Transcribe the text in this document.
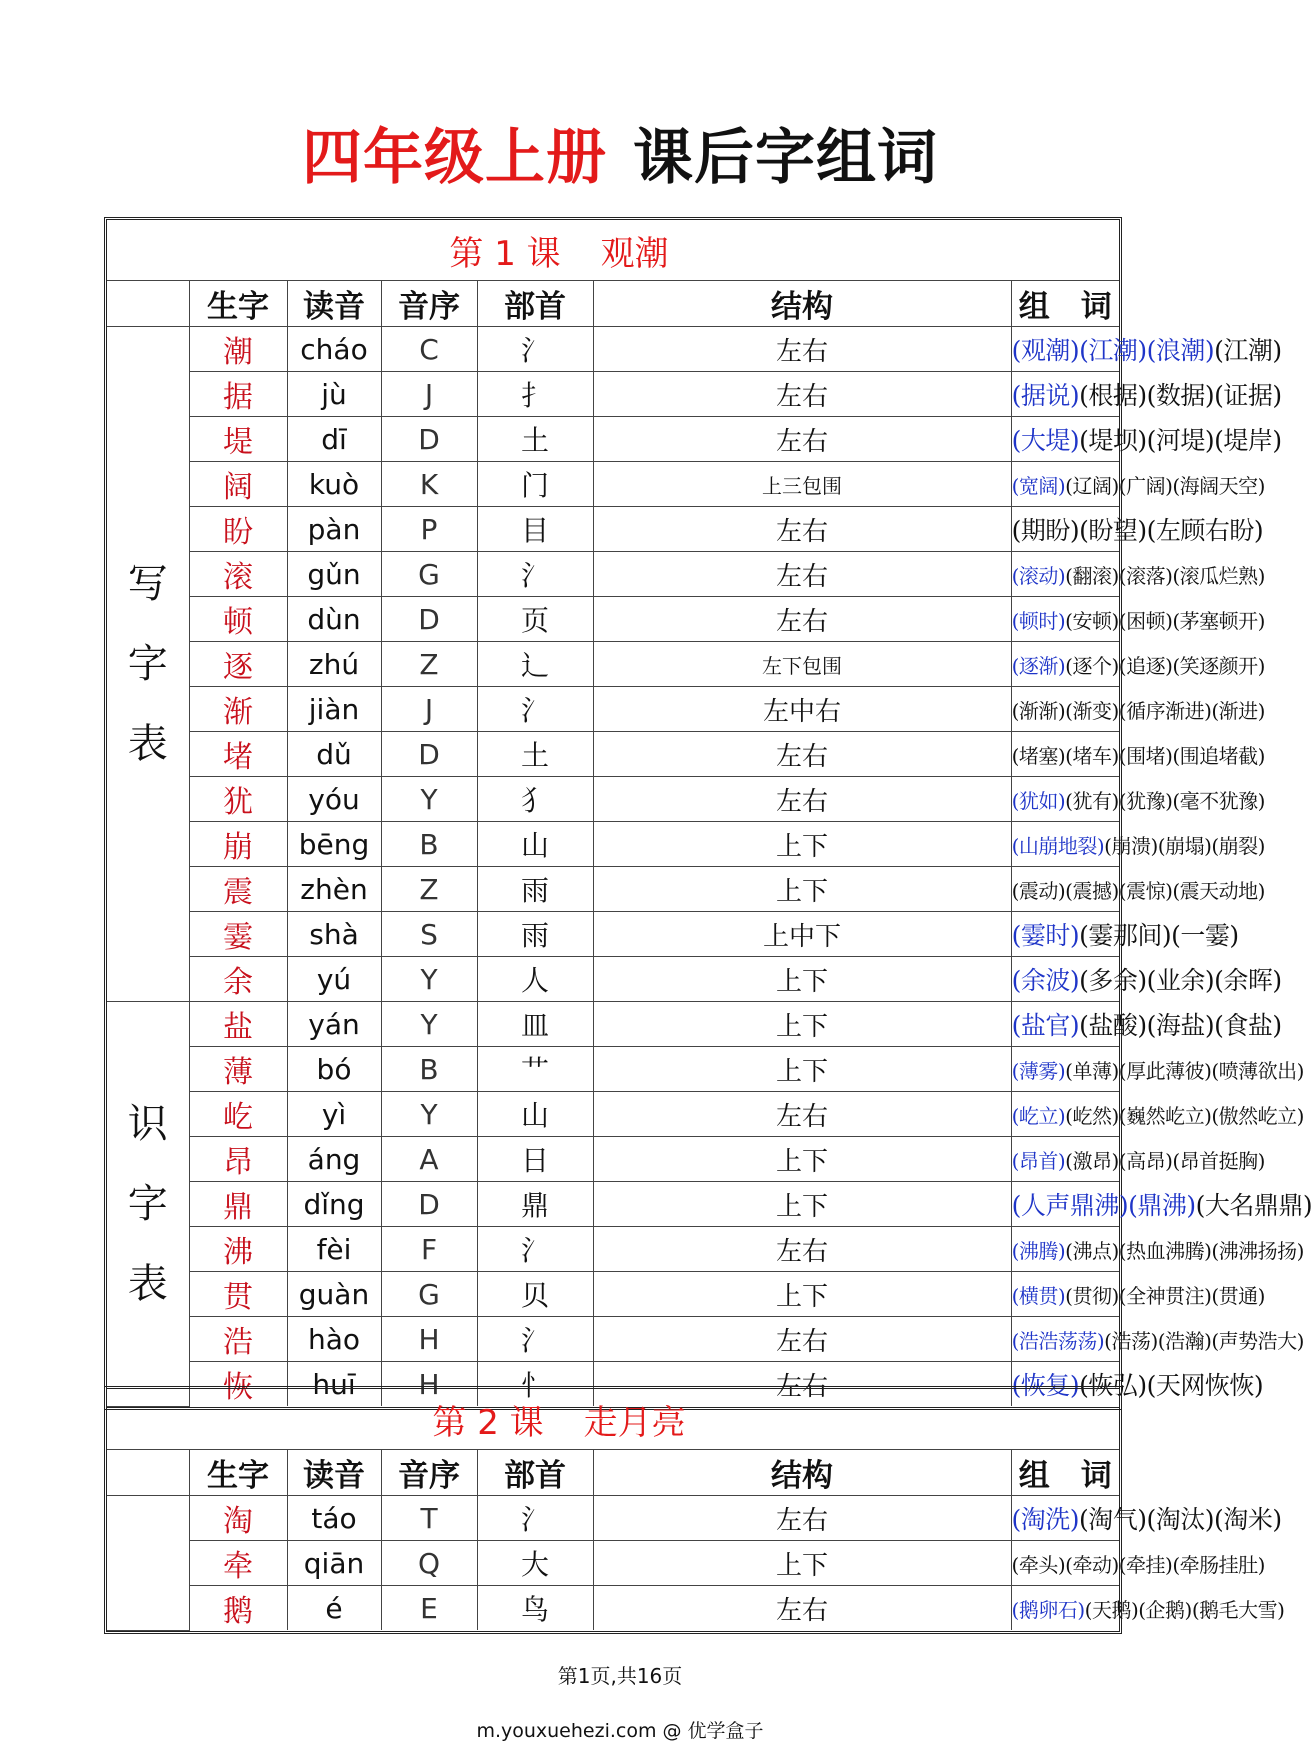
四年级上册 课后字组词
第 1 课 观潮						
	生字	读音	音序	部首	结构	组　词
写
字
表	潮	cháo	C	氵	左右	(观潮)(江潮)(浪潮)(江潮)
	据	jù	J	扌	左右	(据说)(根据)(数据)(证据)
	堤	dī	D	土	左右	(大堤)(堤坝)(河堤)(堤岸)
	阔	kuò	K	门	上三包围	(宽阔)(辽阔)(广阔)(海阔天空)
	盼	pàn	P	目	左右	(期盼)(盼望)(左顾右盼)
	滚	gǔn	G	氵	左右	(滚动)(翻滚)(滚落)(滚瓜烂熟)
	顿	dùn	D	页	左右	(顿时)(安顿)(困顿)(茅塞顿开)
	逐	zhú	Z	辶	左下包围	(逐渐)(逐个)(追逐)(笑逐颜开)
	渐	jiàn	J	氵	左中右	(渐渐)(渐变)(循序渐进)(渐进)
	堵	dǔ	D	土	左右	(堵塞)(堵车)(围堵)(围追堵截)
	犹	yóu	Y	犭	左右	(犹如)(犹有)(犹豫)(毫不犹豫)
	崩	bēng	B	山	上下	(山崩地裂)(崩溃)(崩塌)(崩裂)
	震	zhèn	Z	雨	上下	(震动)(震撼)(震惊)(震天动地)
	霎	shà	S	雨	上中下	(霎时)(霎那间)(一霎)
	余	yú	Y	人	上下	(余波)(多余)(业余)(余晖)
识
字
表	盐	yán	Y	皿	上下	(盐官)(盐酸)(海盐)(食盐)
	薄	bó	B	艹	上下	(薄雾)(单薄)(厚此薄彼)(喷薄欲出)
	屹	yì	Y	山	左右	(屹立)(屹然)(巍然屹立)(傲然屹立)
	昂	áng	A	日	上下	(昂首)(激昂)(高昂)(昂首挺胸)
	鼎	dǐng	D	鼎	上下	(人声鼎沸)(鼎沸)(大名鼎鼎)
	沸	fèi	F	氵	左右	(沸腾)(沸点)(热血沸腾)(沸沸扬扬)
	贯	guàn	G	贝	上下	(横贯)(贯彻)(全神贯注)(贯通)
	浩	hào	H	氵	左右	(浩浩荡荡)(浩荡)(浩瀚)(声势浩大)
	恢	huī	H	忄	左右	(恢复)(恢弘)(天网恢恢)
第 2 课 走月亮						
	生字	读音	音序	部首	结构	组　词
	淘	táo	T	氵	左右	(淘洗)(淘气)(淘汰)(淘米)
	牵	qiān	Q	大	上下	(牵头)(牵动)(牵挂)(牵肠挂肚)
	鹅	é	E	鸟	左右	(鹅卵石)(天鹅)(企鹅)(鹅毛大雪)
第1页,共16页
m.youxuehezi.com @ 优学盒子
